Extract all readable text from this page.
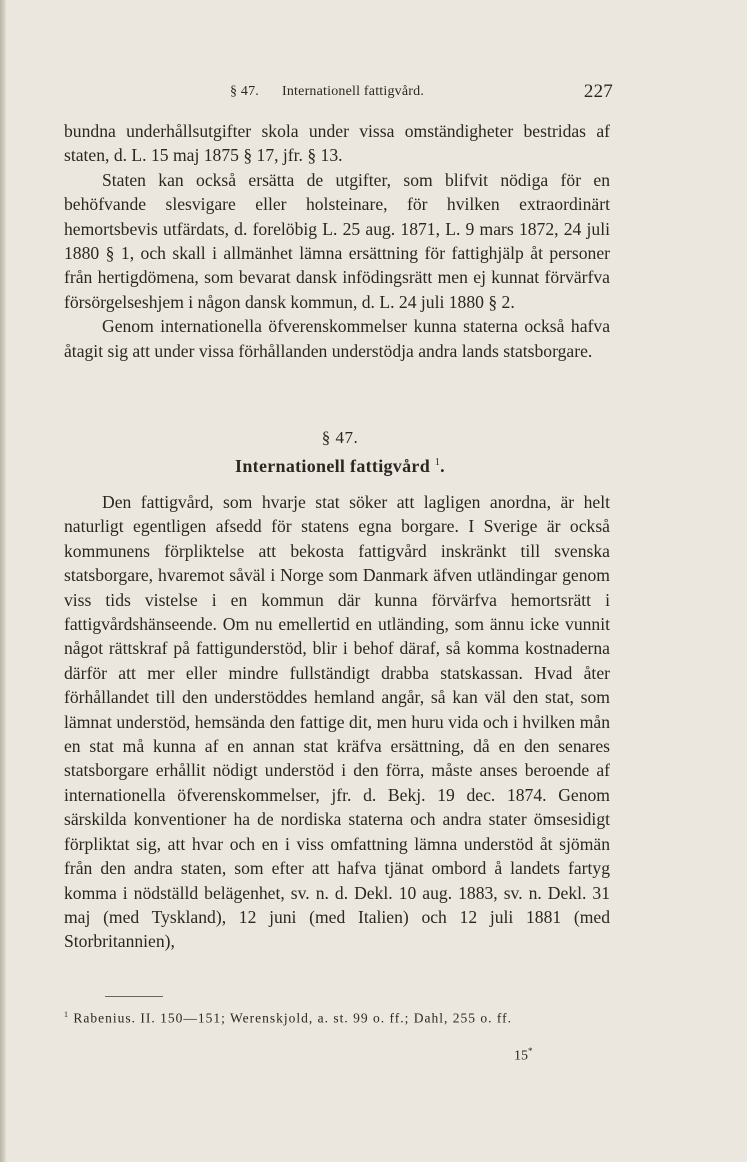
§ 47. Internationell fattigvård.	227

bundna underhållsutgifter skola under vissa omständigheter bestridas af staten, d. L. 15 maj 1875 § 17, jfr. § 13.

Staten kan också ersätta de utgifter, som blifvit nödiga för en behöfvande slesvigare eller holsteinare, för hvilken extraordinärt hemortsbevis utfärdats, d. forelöbig L. 25 aug. 1871, L. 9 mars 1872, 24 juli 1880 § 1, och skall i allmänhet lämna ersättning för fattighjälp åt personer från hertigdömena, som bevarat dansk infödingsrätt men ej kunnat förvärfva försörgelseshjem i någon dansk kommun, d. L. 24 juli 1880 § 2.

Genom internationella öfverenskommelser kunna staterna också hafva åtagit sig att under vissa förhållanden understödja andra lands statsborgare.

§ 47.
Internationell fattigvård $^1$.

Den fattigvård, som hvarje stat söker att lagligen anordna, är helt naturligt egentligen afsedd för statens egna borgare. I Sverige är också kommunens förpliktelse att bekosta fattigvård inskränkt till svenska statsborgare, hvaremot såväl i Norge som Danmark äfven utländingar genom viss tids vistelse i en kommun där kunna förvärfva hemortsrätt i fattigvårdshänseende. Om nu emellertid en utländing, som ännu icke vunnit något rättskraf på fattigunderstöd, blir i behof däraf, så komma kostnaderna därför att mer eller mindre fullständigt drabba statskassan. Hvad åter förhållandet till den understöddes hemland angår, så kan väl den stat, som lämnat understöd, hemsända den fattige dit, men huru vida och i hvilken mån en stat må kunna af en annan stat kräfva ersättning, då en den senares statsborgare erhållit nödigt understöd i den förra, måste anses beroende af internationella öfverenskommelser, jfr. d. Bekj. 19 dec. 1874. Genom särskilda konventioner ha de nordiska staterna och andra stater ömsesidigt förpliktat sig, att hvar och en i viss omfattning lämna understöd åt sjömän från den andra staten, som efter att hafva tjänat ombord å landets fartyg komma i nödställd belägenhet, sv. n. d. Dekl. 10 aug. 1883, sv. n. Dekl. 31 maj (med Tyskland), 12 juni (med Italien) och 12 juli 1881 (med Storbritannien),

$^1$ Rabenius. II. 150—151; Werenskjold, a. st. 99 o. ff.; Dahl, 255 o. ff.
15*
